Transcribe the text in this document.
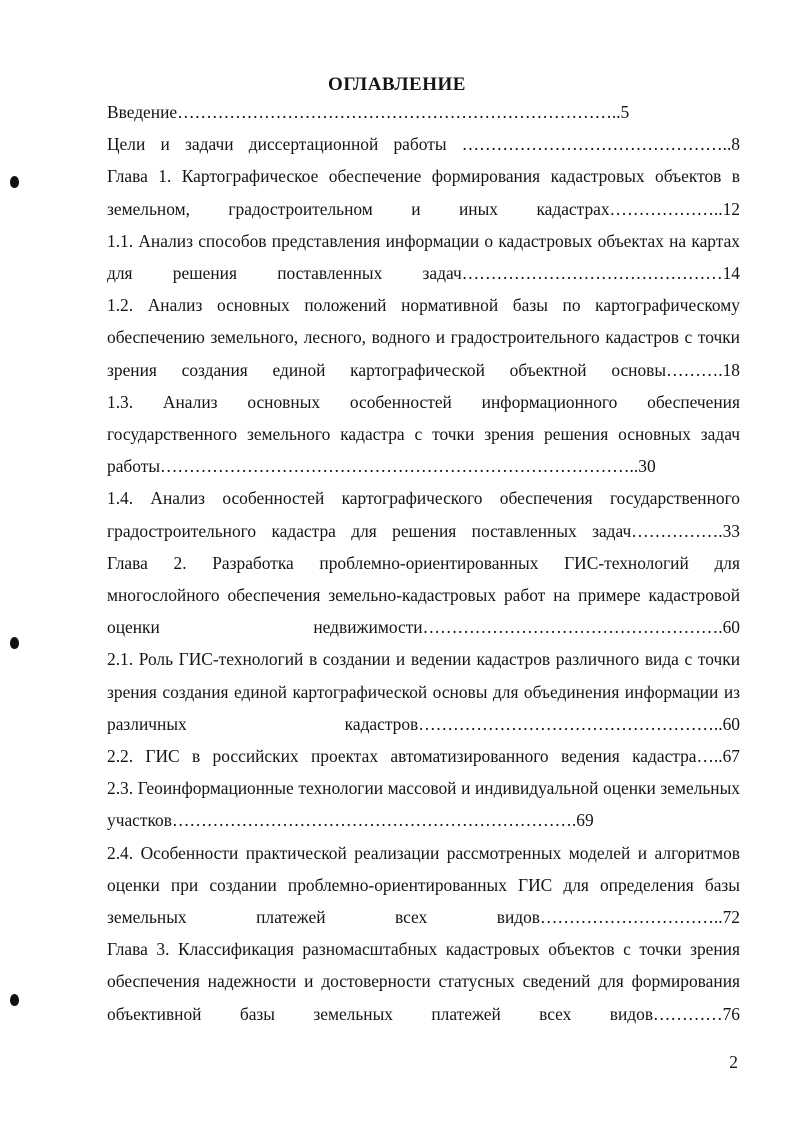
ОГЛАВЛЕНИЕ
Введение…………………………………………………………………..5
Цели и задачи диссертационной работы ………………………………………..8
Глава 1. Картографическое обеспечение формирования кадастровых объектов в земельном, градостроительном и иных кадастрах………………..12
1.1. Анализ способов представления информации о кадастровых объектах на картах для решения поставленных задач………………………………………14
1.2. Анализ основных положений нормативной базы по картографическому обеспечению земельного, лесного, водного и градостроительного кадастров с точки зрения создания единой картографической объектной основы……….18
1.3. Анализ основных особенностей информационного обеспечения государственного земельного кадастра с точки зрения решения основных задач работы………………………………………………………………………..30
1.4. Анализ особенностей картографического обеспечения государственного градостроительного кадастра для решения поставленных задач…………….33
Глава 2. Разработка проблемно-ориентированных ГИС-технологий для многослойного обеспечения земельно-кадастровых работ на примере кадастровой оценки недвижимости…………………………………………….60
2.1. Роль ГИС-технологий в создании и ведении кадастров различного вида с точки зрения создания единой картографической основы для объединения информации из различных кадастров……………………………………………..60
2.2. ГИС в российских проектах автоматизированного ведения кадастра…..67
2.3. Геоинформационные технологии массовой и индивидуальной оценки земельных участков…………………………………………………………….69
2.4. Особенности практической реализации рассмотренных моделей и алгоритмов оценки при создании проблемно-ориентированных ГИС для определения базы земельных платежей всех видов…………………………..72
Глава 3. Классификация разномасштабных кадастровых объектов с точки зрения обеспечения надежности и достоверности статусных сведений для формирования объективной базы земельных платежей всех видов…………76
2
